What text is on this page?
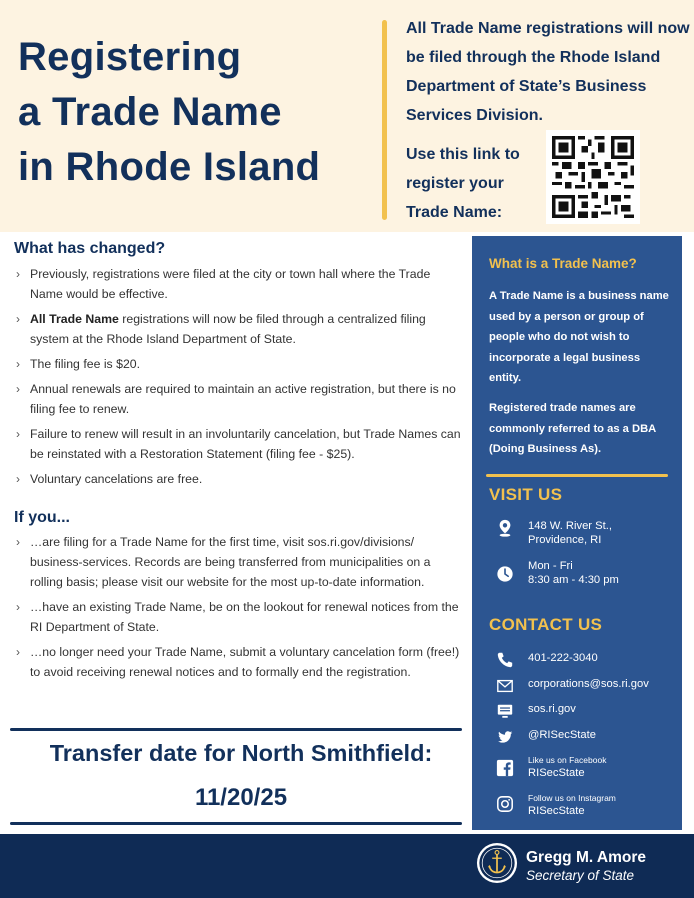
Registering
a Trade Name
in Rhode Island
All Trade Name registrations will now be filed through the Rhode Island Department of State’s Business Services Division.
Use this link to register your Trade Name:
What has changed?
› Previously, registrations were filed at the city or town hall where the Trade Name would be effective.
› All Trade Name registrations will now be filed through a centralized filing system at the Rhode Island Department of State.
› The filing fee is $20.
› Annual renewals are required to maintain an active registration, but there is no filing fee to renew.
› Failure to renew will result in an involuntarily cancelation, but Trade Names can be reinstated with a Restoration Statement (filing fee - $25).
› Voluntary cancelations are free.
If you...
› …are filing for a Trade Name for the first time, visit sos.ri.gov/divisions/ business-services. Records are being transferred from municipalities on a rolling basis; please visit our website for the most up-to-date information.
› …have an existing Trade Name, be on the lookout for renewal notices from the RI Department of State.
› …no longer need your Trade Name, submit a voluntary cancelation form (free!) to avoid receiving renewal notices and to formally end the registration.
Transfer date for North Smithfield:
11/20/25
What is a Trade Name?
A Trade Name is a business name used by a person or group of people who do not wish to incorporate a legal business entity.
Registered trade names are commonly referred to as a DBA (Doing Business As).
VISIT US
148 W. River St.,
Providence, RI
Mon - Fri
8:30 am - 4:30 pm
CONTACT US
401-222-3040
corporations@sos.ri.gov
sos.ri.gov
@RISecState
Like us on Facebook
RISecState
Follow us on Instagram
RISecState
Gregg M. Amore
Secretary of State
